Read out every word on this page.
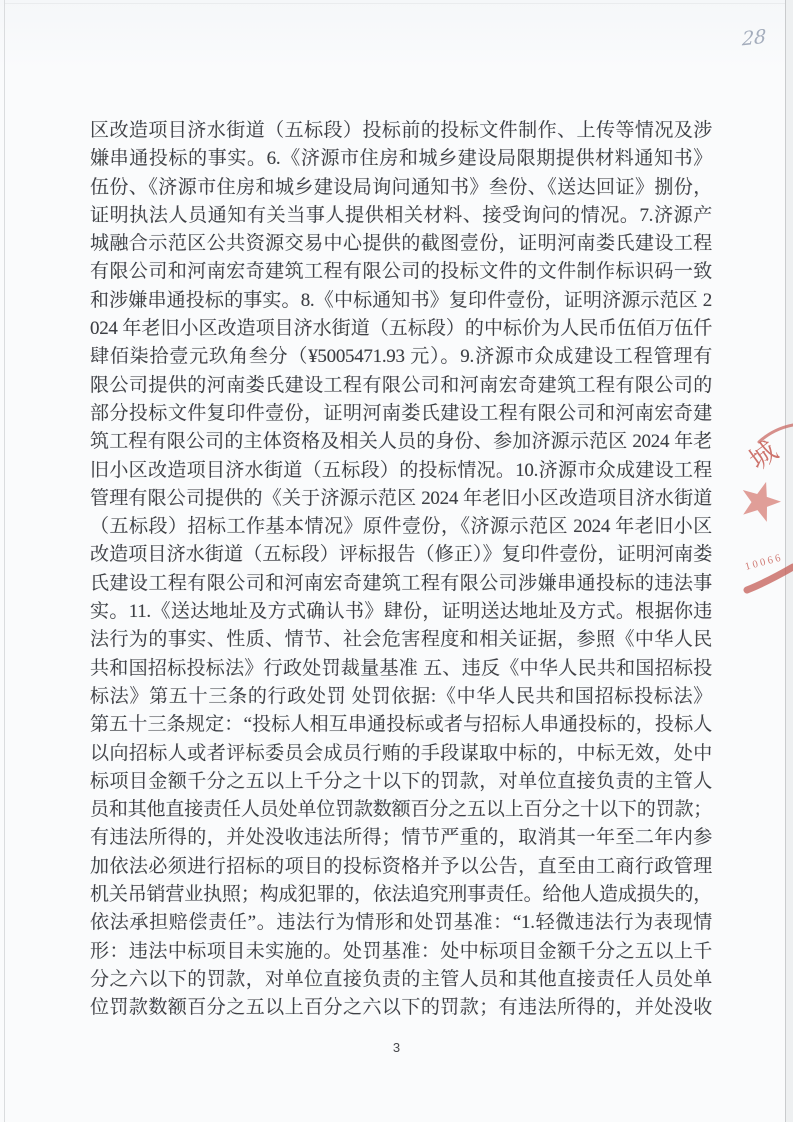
28
区改造项目济水街道（五标段）投标前的投标文件制作、上传等情况及涉
嫌串通投标的事实。6.《济源市住房和城乡建设局限期提供材料通知书》
伍份、《济源市住房和城乡建设局询问通知书》叁份、《送达回证》捌份，
证明执法人员通知有关当事人提供相关材料、接受询问的情况。7.济源产
城融合示范区公共资源交易中心提供的截图壹份，证明河南娄氏建设工程
有限公司和河南宏奇建筑工程有限公司的投标文件的文件制作标识码一致
和涉嫌串通投标的事实。8.《中标通知书》复印件壹份，证明济源示范区 2
024 年老旧小区改造项目济水街道（五标段）的中标价为人民币伍佰万伍仟
肆佰柒拾壹元玖角叁分（¥5005471.93 元）。9.济源市众成建设工程管理有
限公司提供的河南娄氏建设工程有限公司和河南宏奇建筑工程有限公司的
部分投标文件复印件壹份，证明河南娄氏建设工程有限公司和河南宏奇建
筑工程有限公司的主体资格及相关人员的身份、参加济源示范区 2024 年老
旧小区改造项目济水街道（五标段）的投标情况。10.济源市众成建设工程
管理有限公司提供的《关于济源示范区 2024 年老旧小区改造项目济水街道
（五标段）招标工作基本情况》原件壹份，《济源示范区 2024 年老旧小区
改造项目济水街道（五标段）评标报告（修正）》复印件壹份，证明河南娄
氏建设工程有限公司和河南宏奇建筑工程有限公司涉嫌串通投标的违法事
实。11.《送达地址及方式确认书》肆份，证明送达地址及方式。根据你违
法行为的事实、性质、情节、社会危害程度和相关证据，参照《中华人民
共和国招标投标法》行政处罚裁量基准 五、违反《中华人民共和国招标投
标法》第五十三条的行政处罚 处罚依据:《中华人民共和国招标投标法》
第五十三条规定：“投标人相互串通投标或者与招标人串通投标的，投标人
以向招标人或者评标委员会成员行贿的手段谋取中标的，中标无效，处中
标项目金额千分之五以上千分之十以下的罚款，对单位直接负责的主管人
员和其他直接责任人员处单位罚款数额百分之五以上百分之十以下的罚款；
有违法所得的，并处没收违法所得；情节严重的，取消其一年至二年内参
加依法必须进行招标的项目的投标资格并予以公告，直至由工商行政管理
机关吊销营业执照；构成犯罪的，依法追究刑事责任。给他人造成损失的，
依法承担赔偿责任”。违法行为情形和处罚基准：“1.轻微违法行为表现情
形：违法中标项目未实施的。处罚基准：处中标项目金额千分之五以上千
分之六以下的罚款，对单位直接负责的主管人员和其他直接责任人员处单
位罚款数额百分之五以上百分之六以下的罚款；有违法所得的，并处没收
城
10066
3
